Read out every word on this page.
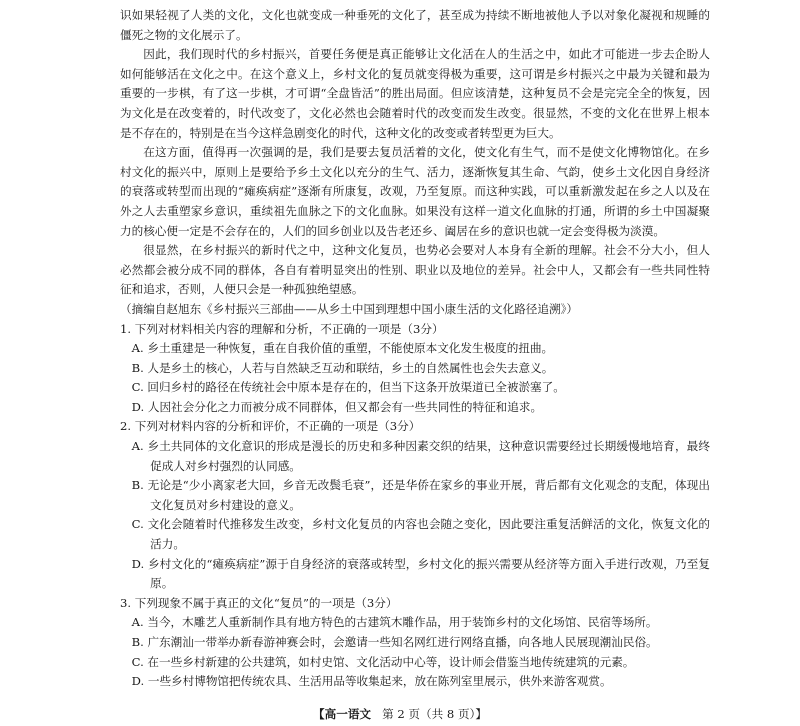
识如果轻视了人类的文化，文化也就变成一种垂死的文化了，甚至成为持续不断地被他人予以对象化凝视和规睡的僵死之物的文化展示了。

因此，我们现时代的乡村振兴，首要任务便是真正能够让文化活在人的生活之中，如此才可能进一步去企盼人如何能够活在文化之中。在这个意义上，乡村文化的复员就变得极为重要，这可谓是乡村振兴之中最为关键和最为重要的一步棋，有了这一步棋，才可谓“全盘皆活”的胜出局面。但应该清楚，这种复员不会是完完全全的恢复，因为文化是在改变着的，时代改变了，文化必然也会随着时代的改变而发生改变。很显然，不变的文化在世界上根本是不存在的，特别是在当今这样急剧变化的时代，这种文化的改变或者转型更为巨大。

在这方面，值得再一次强调的是，我们是要去复员活着的文化，使文化有生气，而不是使文化博物馆化。在乡村文化的振兴中，原则上是要给予乡土文化以充分的生气、活力，逐渐恢复其生命、气韵，使乡土文化因自身经济的衰落或转型而出现的“瘫痪病症”逐渐有所康复，改观，乃至复原。而这种实践，可以重新激发起在乡之人以及在外之人去重塑家乡意识，重续祖先血脉之下的文化血脉。如果没有这样一道文化血脉的打通，所谓的乡土中国凝聚力的核心便一定是不会存在的，人们的回乡创业以及告老还乡、阖居在乡的意识也就一定会变得极为淡漠。

很显然，在乡村振兴的新时代之中，这种文化复员，也势必会要对人本身有全新的理解。社会不分大小，但人必然都会被分成不同的群体，各自有着明显突出的性别、职业以及地位的差异。社会中人，又都会有一些共同性特征和追求，否则，人便只会是一种孤独绝望感。

（摘编自赵旭东《乡村振兴三部曲——从乡土中国到理想中国小康生活的文化路径追溯》）

1. 下列对材料相关内容的理解和分析，不正确的一项是（3分）

A. 乡土重建是一种恢复，重在自我价值的重塑，不能使原本文化发生极度的扭曲。

B. 人是乡土的核心，人若与自然缺乏互动和联结，乡土的自然属性也会失去意义。

C. 回归乡村的路径在传统社会中原本是存在的，但当下这条开放渠道已全被淤塞了。

D. 人因社会分化之力而被分成不同群体，但又都会有一些共同性的特征和追求。

2. 下列对材料内容的分析和评价，不正确的一项是（3分）

A. 乡土共同体的文化意识的形成是漫长的历史和多种因素交织的结果，这种意识需要经过长期缓慢地培育，最终促成人对乡村强烈的认同感。

B. 无论是“少小离家老大回，乡音无改鬓毛衰”，还是华侨在家乡的事业开展，背后都有文化观念的支配，体现出文化复员对乡村建设的意义。

C. 文化会随着时代推移发生改变，乡村文化复员的内容也会随之变化，因此要注重复活鲜活的文化，恢复文化的活力。

D. 乡村文化的“瘫痪病症”源于自身经济的衰落或转型，乡村文化的振兴需要从经济等方面入手进行改观，乃至复原。

3. 下列现象不属于真正的文化“复员”的一项是（3分）

A. 当今，木雕艺人重新制作具有地方特色的古建筑木雕作品，用于装饰乡村的文化场馆、民宿等场所。

B. 广东潮汕一带举办新春游神赛会时，会邀请一些知名网红进行网络直播，向各地人民展现潮汕民俗。

C. 在一些乡村新建的公共建筑，如村史馆、文化活动中心等，设计师会借鉴当地传统建筑的元素。

D. 一些乡村博物馆把传统农具、生活用品等收集起来，放在陈列室里展示，供外来游客观赏。

【高一语文 第 2 页（共 8 页）】
